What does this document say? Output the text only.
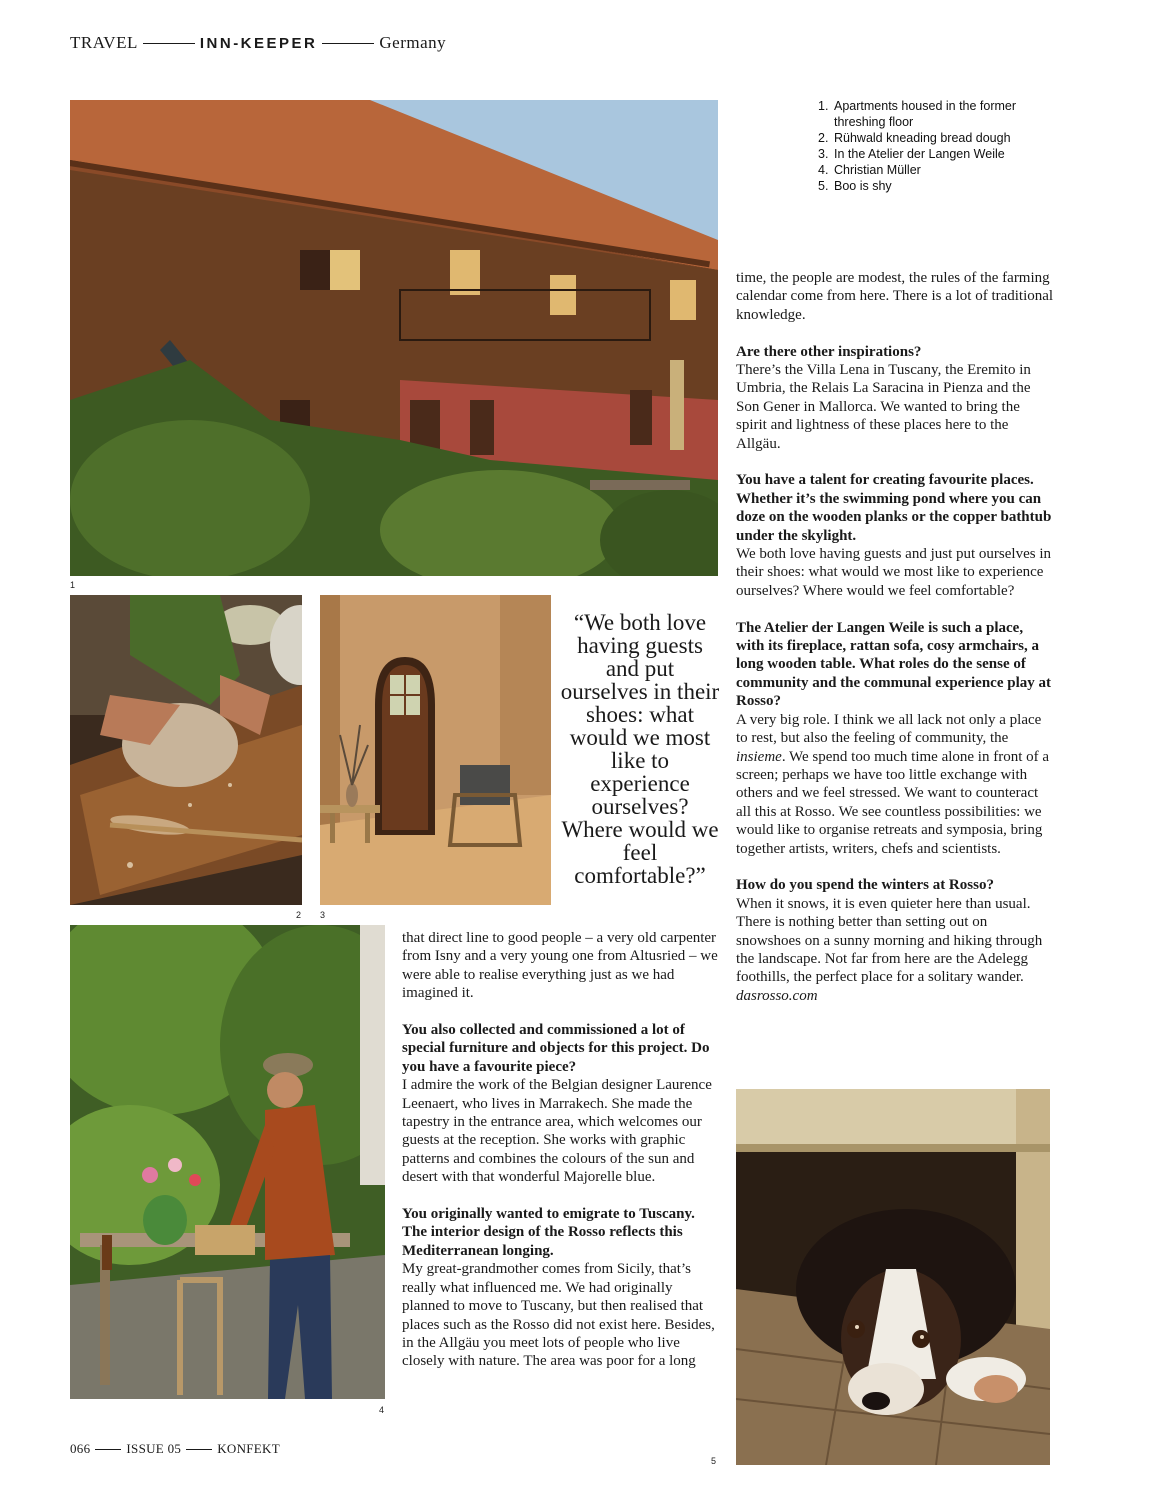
TRAVEL	INN-KEEPER	Germany
1
1. Apartments housed in the former threshing floor
2. Rühwald kneading bread dough
3. In the Atelier der Langen Weile
4. Christian Müller
5. Boo is shy
2 3
“We both love having guests and put ourselves in their shoes: what would we most like to experience ourselves? Where would we feel comfortable?”
4

that direct line to good people – a very old carpenter from Isny and a very young one from Altusried – we were able to realise everything just as we had imagined it.

You also collected and commissioned a lot of special furniture and objects for this project. Do you have a favourite piece?
I admire the work of the Belgian designer Laurence Leenaert, who lives in Marrakech. She made the tapestry in the entrance area, which welcomes our guests at the reception. She works with graphic patterns and combines the colours of the sun and desert with that wonderful Majorelle blue.

You originally wanted to emigrate to Tuscany. The interior design of the Rosso reflects this Mediterranean longing.
My great-grandmother comes from Sicily, that’s really what influenced me. We had originally planned to move to Tuscany, but then realised that places such as the Rosso did not exist here. Besides, in the Allgäu you meet lots of people who live closely with nature. The area was poor for a long

time, the people are modest, the rules of the farming calendar come from here. There is a lot of traditional knowledge.

Are there other inspirations?
There’s the Villa Lena in Tuscany, the Eremito in Umbria, the Relais La Saracina in Pienza and the Son Gener in Mallorca. We wanted to bring the spirit and lightness of these places here to the Allgäu.

You have a talent for creating favourite places. Whether it’s the swimming pond where you can doze on the wooden planks or the copper bathtub under the skylight.
We both love having guests and just put ourselves in their shoes: what would we most like to experience ourselves? Where would we feel comfortable?

The Atelier der Langen Weile is such a place, with its fireplace, rattan sofa, cosy armchairs, a long wooden table. What roles do the sense of community and the communal experience play at Rosso?
A very big role. I think we all lack not only a place to rest, but also the feeling of community, the insieme. We spend too much time alone in front of a screen; perhaps we have too little exchange with others and we feel stressed. We want to counteract all this at Rosso. We see countless possibilities: we would like to organise retreats and symposia, bring together artists, writers, chefs and scientists.

How do you spend the winters at Rosso?
When it snows, it is even quieter here than usual. There is nothing better than setting out on snowshoes on a sunny morning and hiking through the landscape. Not far from here are the Adelegg foothills, the perfect place for a solitary wander.
dasrosso.com

5
066	ISSUE 05	KONFEKT
